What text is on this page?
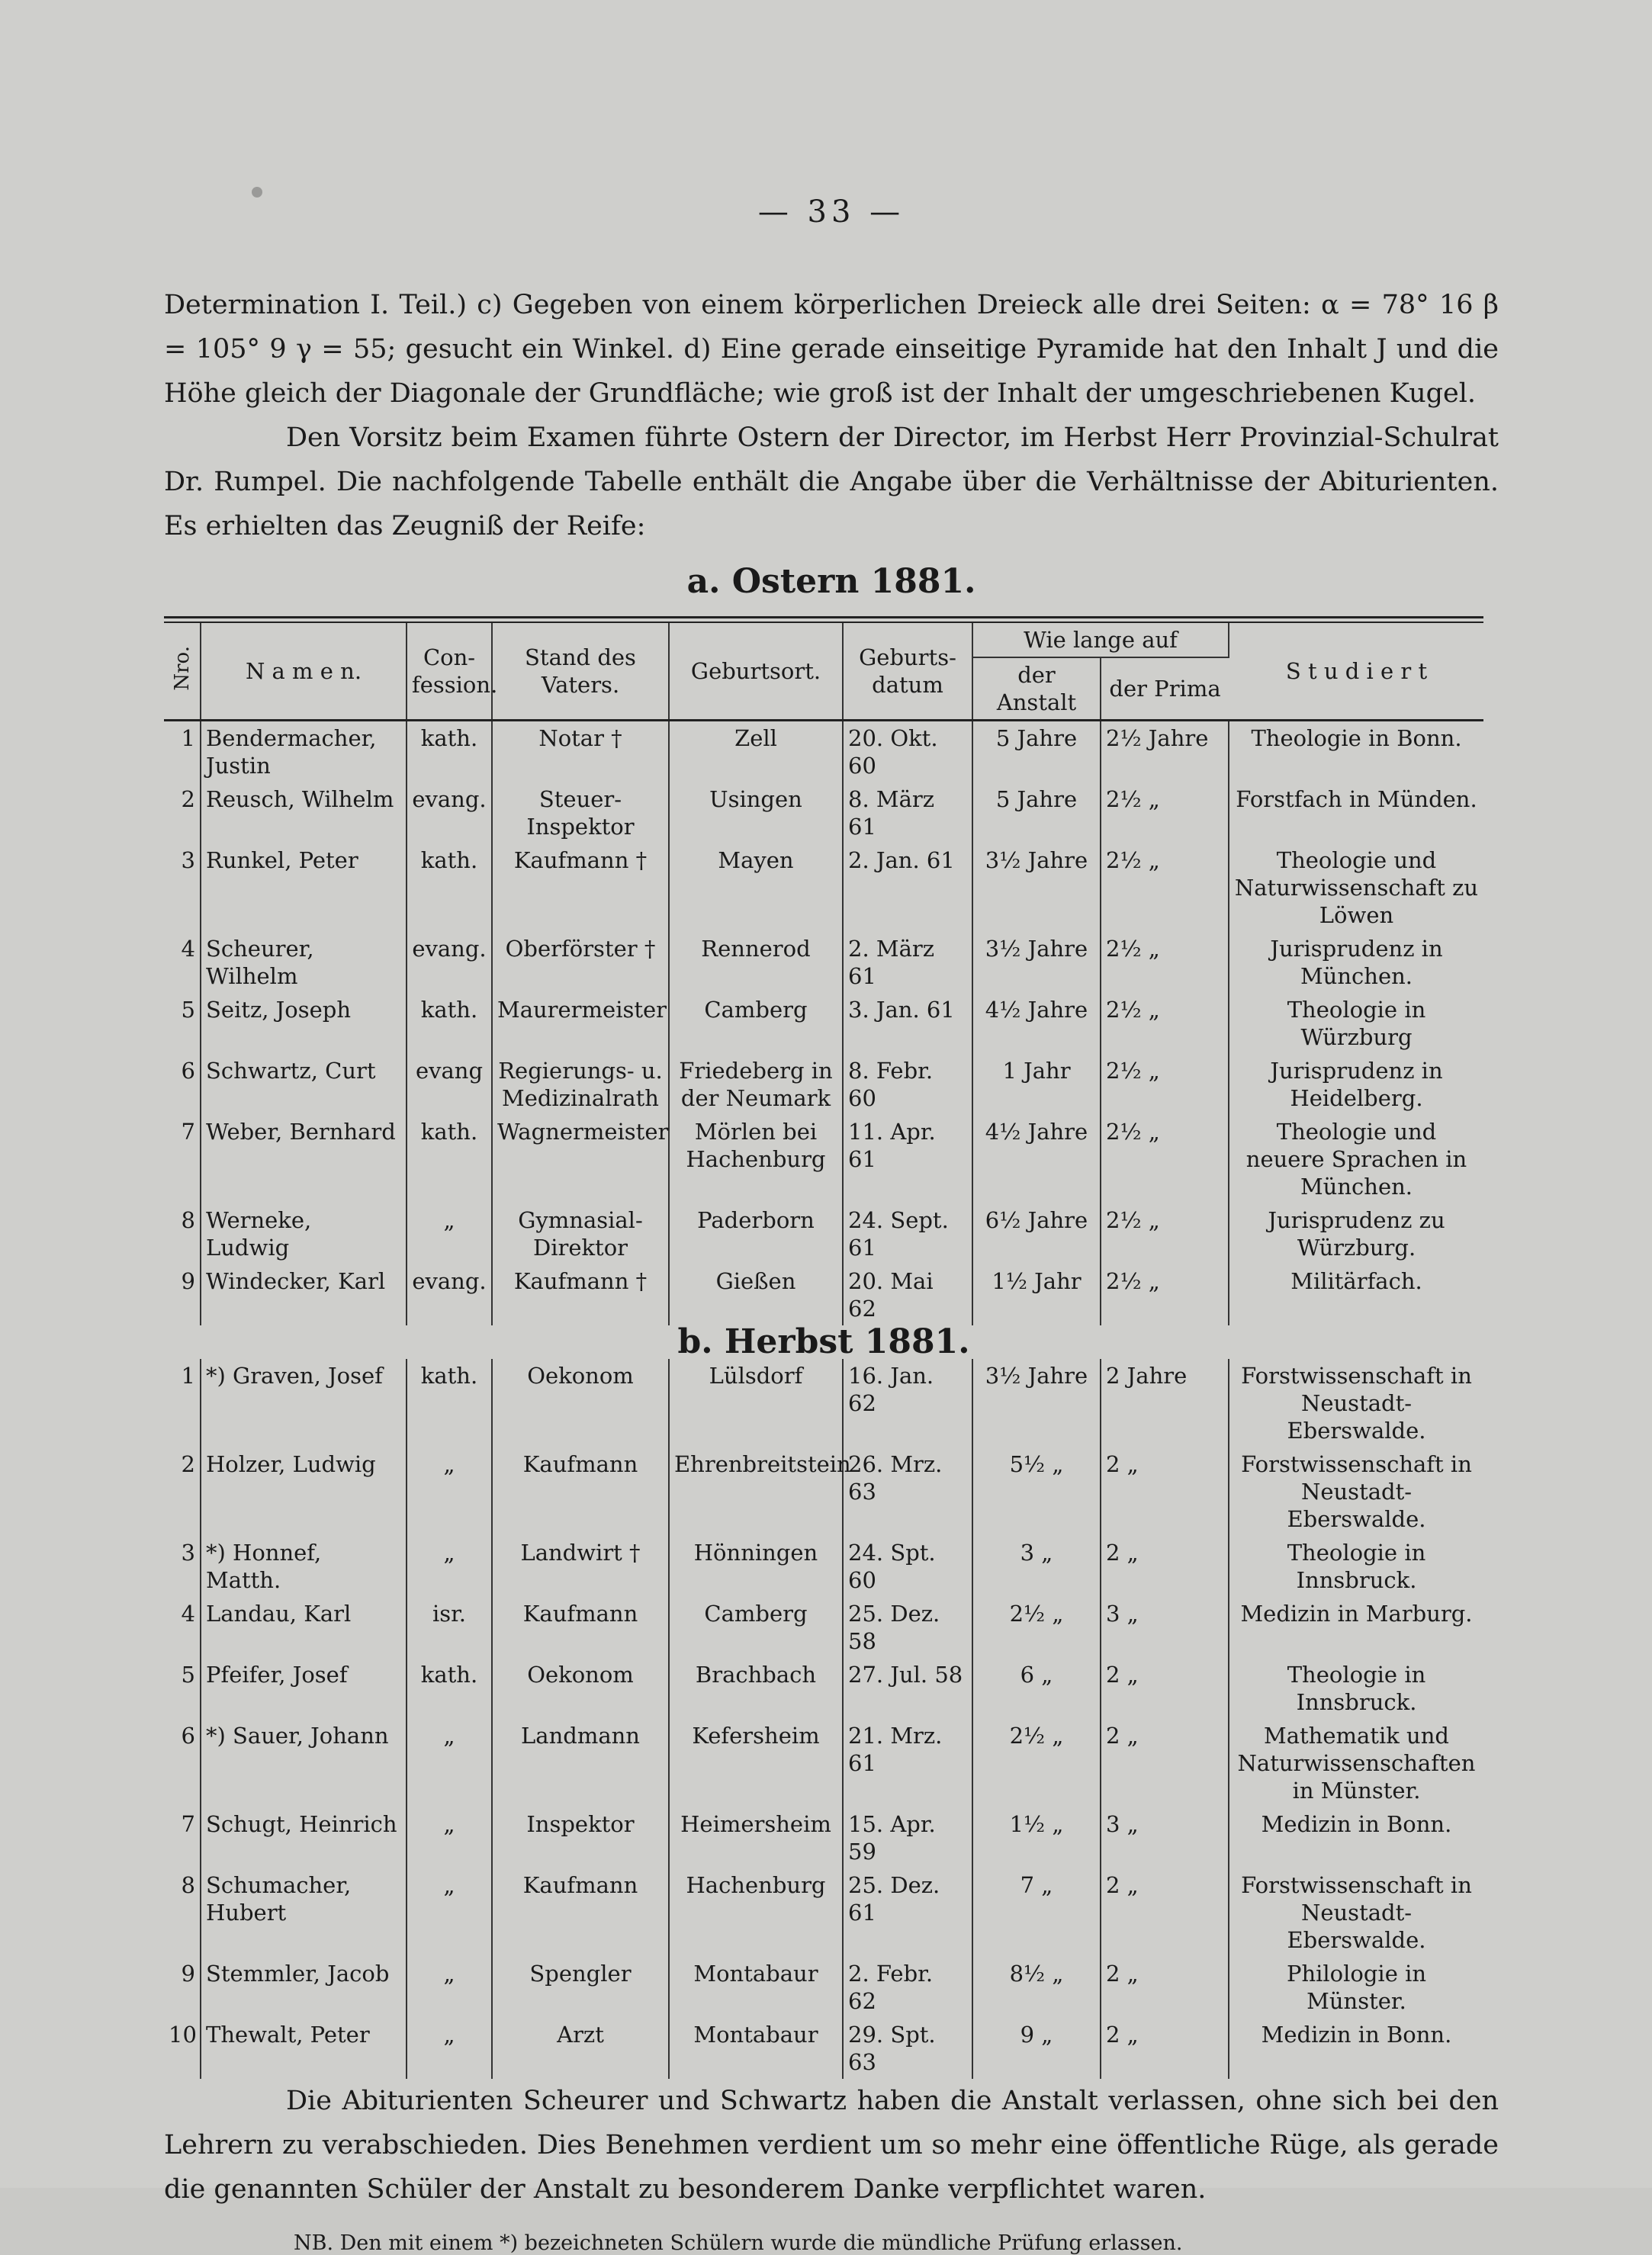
— 33 —

Determination I. Teil.) c) Gegeben von einem körperlichen Dreieck alle drei Seiten: α = 78° 16 β = 105° 9 γ = 55; gesucht ein Winkel. d) Eine gerade einseitige Pyramide hat den Inhalt J und die Höhe gleich der Diagonale der Grundfläche; wie groß ist der Inhalt der umgeschriebenen Kugel.

Den Vorsitz beim Examen führte Ostern der Director, im Herbst Herr Provinzial-Schulrat Dr. Rumpel. Die nachfolgende Tabelle enthält die Angabe über die Verhältnisse der Abiturienten. Es erhielten das Zeugniß der Reife:

a. Ostern 1881.
Nro.	N a m e n.	Con-fession.	Stand des Vaters.	Geburtsort.	Geburts-datum	Wie lange auf		S t u d i e r t
						der Anstalt	der Prima	
1	Bendermacher, Justin	kath.	Notar †	Zell	20. Okt. 60	5 Jahre	2½ Jahre	Theologie in Bonn.
2	Reusch, Wilhelm	evang.	Steuer-Inspektor	Usingen	8. März 61	5 Jahre	2½ „	Forstfach in Münden.
3	Runkel, Peter	kath.	Kaufmann †	Mayen	2. Jan. 61	3½ Jahre	2½ „	Theologie und Naturwissenschaft zu Löwen
4	Scheurer, Wilhelm	evang.	Oberförster †	Rennerod	2. März 61	3½ Jahre	2½ „	Jurisprudenz in München.
5	Seitz, Joseph	kath.	Maurermeister	Camberg	3. Jan. 61	4½ Jahre	2½ „	Theologie in Würzburg
6	Schwartz, Curt	evang	Regierungs- u. Medizinalrath	Friedeberg in der Neumark	8. Febr. 60	1 Jahr	2½ „	Jurisprudenz in Heidelberg.
7	Weber, Bernhard	kath.	Wagnermeister	Mörlen bei Hachenburg	11. Apr. 61	4½ Jahre	2½ „	Theologie und neuere Sprachen in München.
8	Werneke, Ludwig	„	Gymnasial-Direktor	Paderborn	24. Sept. 61	6½ Jahre	2½ „	Jurisprudenz zu Würzburg.
9	Windecker, Karl	evang.	Kaufmann †	Gießen	20. Mai 62	1½ Jahr	2½ „	Militärfach.
b. Herbst 1881.								
1	*) Graven, Josef	kath.	Oekonom	Lülsdorf	16. Jan. 62	3½ Jahre	2 Jahre	Forstwissenschaft in Neustadt-Eberswalde.
2	Holzer, Ludwig	„	Kaufmann	Ehrenbreitstein	26. Mrz. 63	5½ „	2 „	Forstwissenschaft in Neustadt-Eberswalde.
3	*) Honnef, Matth.	„	Landwirt †	Hönningen	24. Spt. 60	3 „	2 „	Theologie in Innsbruck.
4	Landau, Karl	isr.	Kaufmann	Camberg	25. Dez. 58	2½ „	3 „	Medizin in Marburg.
5	Pfeifer, Josef	kath.	Oekonom	Brachbach	27. Jul. 58	6 „	2 „	Theologie in Innsbruck.
6	*) Sauer, Johann	„	Landmann	Kefersheim	21. Mrz. 61	2½ „	2 „	Mathematik und Naturwissenschaften in Münster.
7	Schugt, Heinrich	„	Inspektor	Heimersheim	15. Apr. 59	1½ „	3 „	Medizin in Bonn.
8	Schumacher, Hubert	„	Kaufmann	Hachenburg	25. Dez. 61	7 „	2 „	Forstwissenschaft in Neustadt-Eberswalde.
9	Stemmler, Jacob	„	Spengler	Montabaur	2. Febr. 62	8½ „	2 „	Philologie in Münster.
10	Thewalt, Peter	„	Arzt	Montabaur	29. Spt. 63	9 „	2 „	Medizin in Bonn.

Die Abiturienten Scheurer und Schwartz haben die Anstalt verlassen, ohne sich bei den Lehrern zu verabschieden. Dies Benehmen verdient um so mehr eine öffentliche Rüge, als gerade die genannten Schüler der Anstalt zu besonderem Danke verpflichtet waren.

NB. Den mit einem *) bezeichneten Schülern wurde die mündliche Prüfung erlassen.
